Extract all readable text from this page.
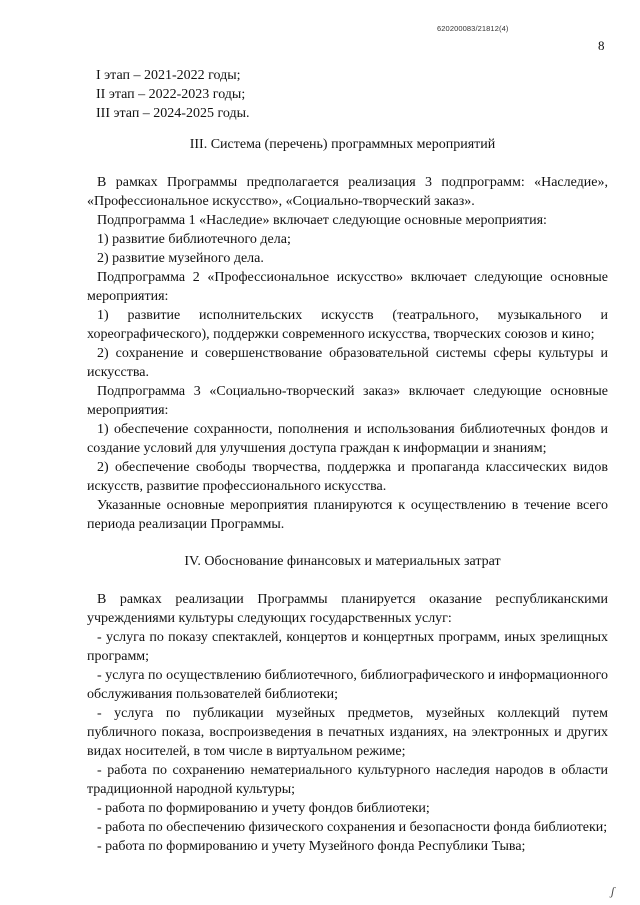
620200083/21812(4)
8
I этап – 2021-2022 годы;
II этап – 2022-2023 годы;
III этап – 2024-2025 годы.
III. Система (перечень) программных мероприятий
В рамках Программы предполагается реализация 3 подпрограмм: «Наследие», «Профессиональное искусство», «Социально-творческий заказ».
Подпрограмма 1 «Наследие» включает следующие основные мероприятия:
1) развитие библиотечного дела;
2) развитие музейного дела.
Подпрограмма 2 «Профессиональное искусство» включает следующие основные мероприятия:
1) развитие исполнительских искусств (театрального, музыкального и хореографического), поддержки современного искусства, творческих союзов и кино;
2) сохранение и совершенствование образовательной системы сферы культуры и искусства.
Подпрограмма 3 «Социально-творческий заказ» включает следующие основные мероприятия:
1) обеспечение сохранности, пополнения и использования библиотечных фондов и создание условий для улучшения доступа граждан к информации и знаниям;
2) обеспечение свободы творчества, поддержка и пропаганда классических видов искусств, развитие профессионального искусства.
Указанные основные мероприятия планируются к осуществлению в течение всего периода реализации Программы.
IV. Обоснование финансовых и материальных затрат
В рамках реализации Программы планируется оказание республиканскими учреждениями культуры следующих государственных услуг:
- услуга по показу спектаклей, концертов и концертных программ, иных зрелищных программ;
- услуга по осуществлению библиотечного, библиографического и информационного обслуживания пользователей библиотеки;
- услуга по публикации музейных предметов, музейных коллекций путем публичного показа, воспроизведения в печатных изданиях, на электронных и других видах носителей, в том числе в виртуальном режиме;
- работа по сохранению нематериального культурного наследия народов в области традиционной народной культуры;
- работа по формированию и учету фондов библиотеки;
- работа по обеспечению физического сохранения и безопасности фонда библиотеки;
- работа по формированию и учету Музейного фонда Республики Тыва;
ʃ
